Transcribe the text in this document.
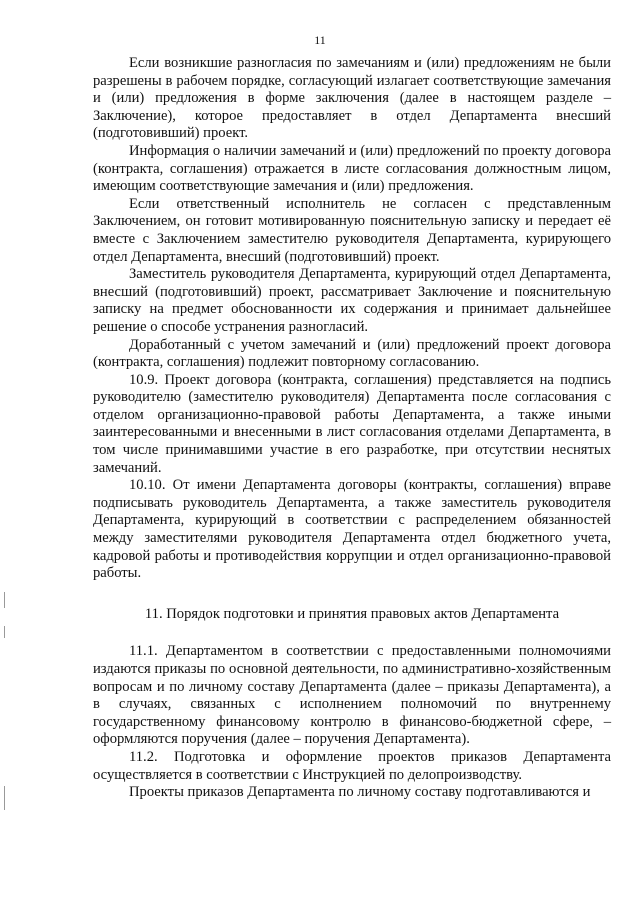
11

Если возникшие разногласия по замечаниям и (или) предложениям не были разрешены в рабочем порядке, согласующий излагает соответствующие замечания и (или) предложения в форме заключения (далее в настоящем разделе – Заключение), которое предоставляет в отдел Департамента внесший (подготовивший) проект.

Информация о наличии замечаний и (или) предложений по проекту договора (контракта, соглашения) отражается в листе согласования должностным лицом, имеющим соответствующие замечания и (или) предложения.

Если ответственный исполнитель не согласен с представленным Заключением, он готовит мотивированную пояснительную записку и передает её вместе с Заключением заместителю руководителя Департамента, курирующего отдел Департамента, внесший (подготовивший) проект.

Заместитель руководителя Департамента, курирующий отдел Департамента, внесший (подготовивший) проект, рассматривает Заключение и пояснительную записку на предмет обоснованности их содержания и принимает дальнейшее решение о способе устранения разногласий.

Доработанный с учетом замечаний и (или) предложений проект договора (контракта, соглашения) подлежит повторному согласованию.

10.9. Проект договора (контракта, соглашения) представляется на подпись руководителю (заместителю руководителя) Департамента после согласования с отделом организационно-правовой работы Департамента, а также иными заинтересованными и внесенными в лист согласования отделами Департамента, в том числе принимавшими участие в его разработке, при отсутствии неснятых замечаний.

10.10. От имени Департамента договоры (контракты, соглашения) вправе подписывать руководитель Департамента, а также заместитель руководителя Департамента, курирующий в соответствии с распределением обязанностей между заместителями руководителя Департамента отдел бюджетного учета, кадровой работы и противодействия коррупции и отдел организационно-правовой работы.

11. Порядок подготовки и принятия правовых актов Департамента

11.1. Департаментом в соответствии с предоставленными полномочиями издаются приказы по основной деятельности, по административно-хозяйственным вопросам и по личному составу Департамента (далее – приказы Департамента), а в случаях, связанных с исполнением полномочий по внутреннему государственному финансовому контролю в финансово-бюджетной сфере, – оформляются поручения (далее – поручения Департамента).

11.2. Подготовка и оформление проектов приказов Департамента осуществляется в соответствии с Инструкцией по делопроизводству.

Проекты приказов Департамента по личному составу подготавливаются и
